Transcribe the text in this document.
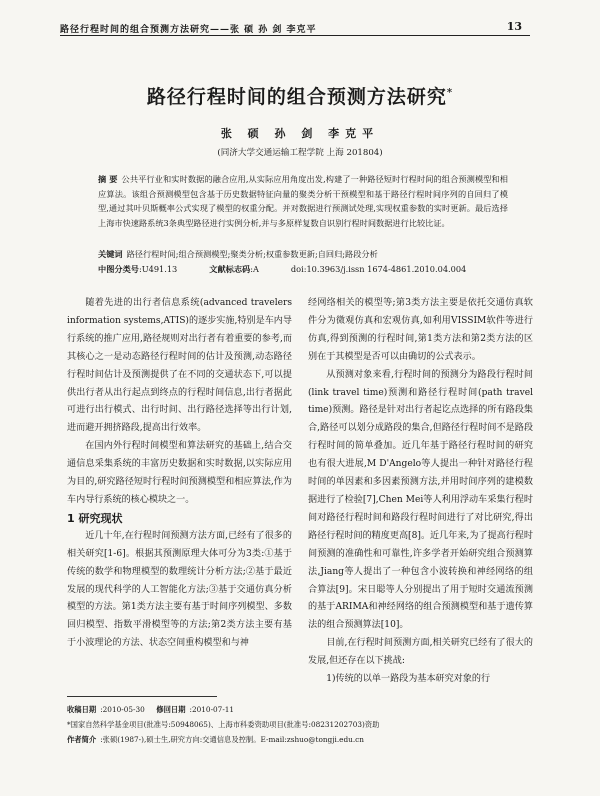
路径行程时间的组合预测方法研究——张 硕 孙 剑 李克平	13
路径行程时间的组合预测方法研究*
张 硕 孙 剑 李克平
(同济大学交通运输工程学院 上海 201804)
摘 要 公共平行业和实时数据的融合应用,从实际应用角度出发,构建了一种路径短时行程时间的组合预测模型和相应算法。该组合预测模型包含基于历史数据特征向量的聚类分析干预模型和基于路径行程时间序列的自回归了模型,通过其叶贝斯概率公式实现了模型的权重分配。并对数据进行预测试处理,实现权重参数的实时更新。最后选择上海市快速路系统3条典型路径进行实例分析,并与多原样复数自识别行程时间数据进行比较比证。
关键词 路径行程时间;组合预测模型;聚类分析;权重参数更新;自回归;路段分析
中图分类号:U491.13	文献标志码:A	doi:10.3963/j.issn 1674-4861.2010.04.004

随着先进的出行者信息系统(advanced travelers information systems,ATIS)的逐步实施,特别是车内导行系统的推广应用,路径规则对出行者有着重要的参考,而其核心之一是动态路径行程时间的估计及预测,动态路径行程时间估计及预测提供了在不同的交通状态下,可以提供出行者从出行起点到终点的行程时间信息,出行者据此可进行出行模式、出行时间、出行路径选择等出行计划,进而避开拥挤路段,提高出行效率。

在国内外行程时间模型和算法研究的基础上,结合交通信息采集系统的丰富历史数据和实时数据,以实际应用为目的,研究路径短时行程时间预测模型和相应算法,作为车内导行系统的核心模块之一。

1 研究现状

近几十年,在行程时间预测方法方面,已经有了很多的相关研究[1-6]。根据其预测原理大体可分为3类:①基于传统的数学和物理模型的数理统计分析方法;②基于最近发展的现代科学的人工智能化方法;③基于交通仿真分析模型的方法。第1类方法主要有基于时间序列模型、多数回归模型、指数平滑模型等的方法;第2类方法主要有基于小波理论的方法、状态空间重构模型和与神

经网络相关的模型等;第3类方法主要是依托交通仿真软件分为微观仿真和宏观仿真,如利用VISSIM软件等进行仿真,得到预测的行程时间,第1类方法和第2类方法的区别在于其模型是否可以由确切的公式表示。

从预测对象来看,行程时间的预测分为路段行程时间(link travel time)预测和路径行程时间(path travel time)预测。路径是针对出行者起讫点选择的所有路段集合,路径可以划分成路段的集合,但路径行程时间不是路段行程时间的简单叠加。近几年基于路径行程时间的研究也有很大进展,M D'Angelo等人提出一种针对路径行程时间的单因素和多因素预测方法,并用时间序列的建模数据进行了检验[7],Chen Mei等人利用浮动车采集行程时间对路径行程时间和路段行程时间进行了对比研究,得出路径行程时间的精度更高[8]。近几年来,为了提高行程时间预测的准确性和可靠性,许多学者开始研究组合预测算法,Jiang等人提出了一种包含小波转换和神经网络的组合算法[9]。宋日聪等人分别提出了用于短时交通流预测的基于ARIMA和神经网络的组合预测模型和基于遗传算法的组合预测算法[10]。

目前,在行程时间预测方面,相关研究已经有了很大的发展,但还存在以下挑战:

1)传统的以单一路段为基本研究对象的行

收稿日期 :2010-05-30 修回日期 :2010-07-11
*国家自然科学基金项目(批准号:50948065)、上海市科委资助项目(批准号:08231202703)资助
作者简介 :张硕(1987-),硕士生,研究方向:交通信息及控制。E-mail:zshuo@tongji.edu.cn
